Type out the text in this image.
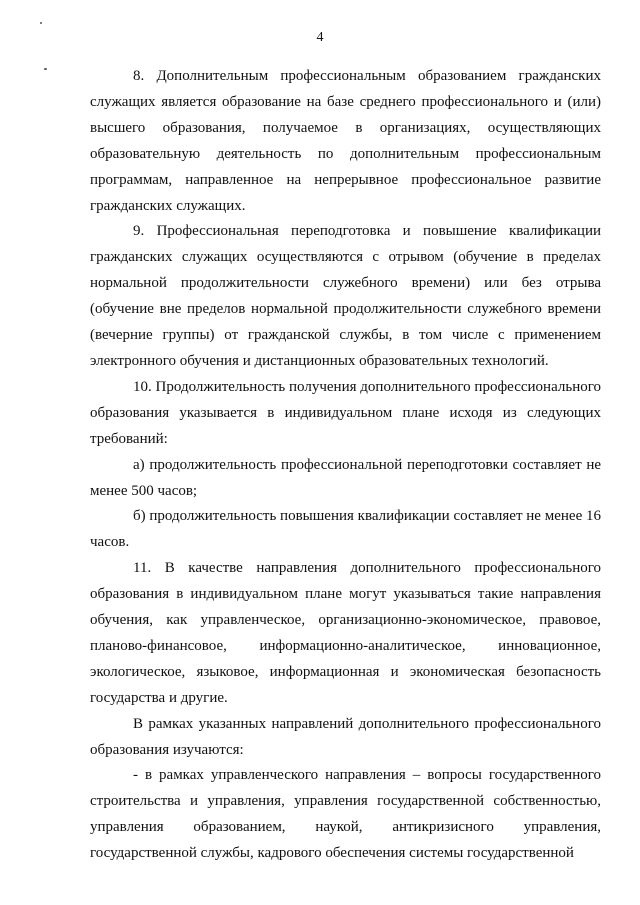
4

8. Дополнительным профессиональным образованием гражданских служащих является образование на базе среднего профессионального и (или) высшего образования, получаемое в организациях, осуществляющих образовательную деятельность по дополнительным профессиональным программам, направленное на непрерывное профессиональное развитие гражданских служащих.

9. Профессиональная переподготовка и повышение квалификации гражданских служащих осуществляются с отрывом (обучение в пределах нормальной продолжительности служебного времени) или без отрыва (обучение вне пределов нормальной продолжительности служебного времени (вечерние группы) от гражданской службы, в том числе с применением электронного обучения и дистанционных образовательных технологий.

10. Продолжительность получения дополнительного профессионального образования указывается в индивидуальном плане исходя из следующих требований:

а) продолжительность профессиональной переподготовки составляет не менее 500 часов;

б) продолжительность повышения квалификации составляет не менее 16 часов.

11. В качестве направления дополнительного профессионального образования в индивидуальном плане могут указываться такие направления обучения, как управленческое, организационно-экономическое, правовое, планово-финансовое, информационно-аналитическое, инновационное, экологическое, языковое, информационная и экономическая безопасность государства и другие.

В рамках указанных направлений дополнительного профессионального образования изучаются:

- в рамках управленческого направления – вопросы государственного строительства и управления, управления государственной собственностью, управления образованием, наукой, антикризисного управления, государственной службы, кадрового обеспечения системы государственной
